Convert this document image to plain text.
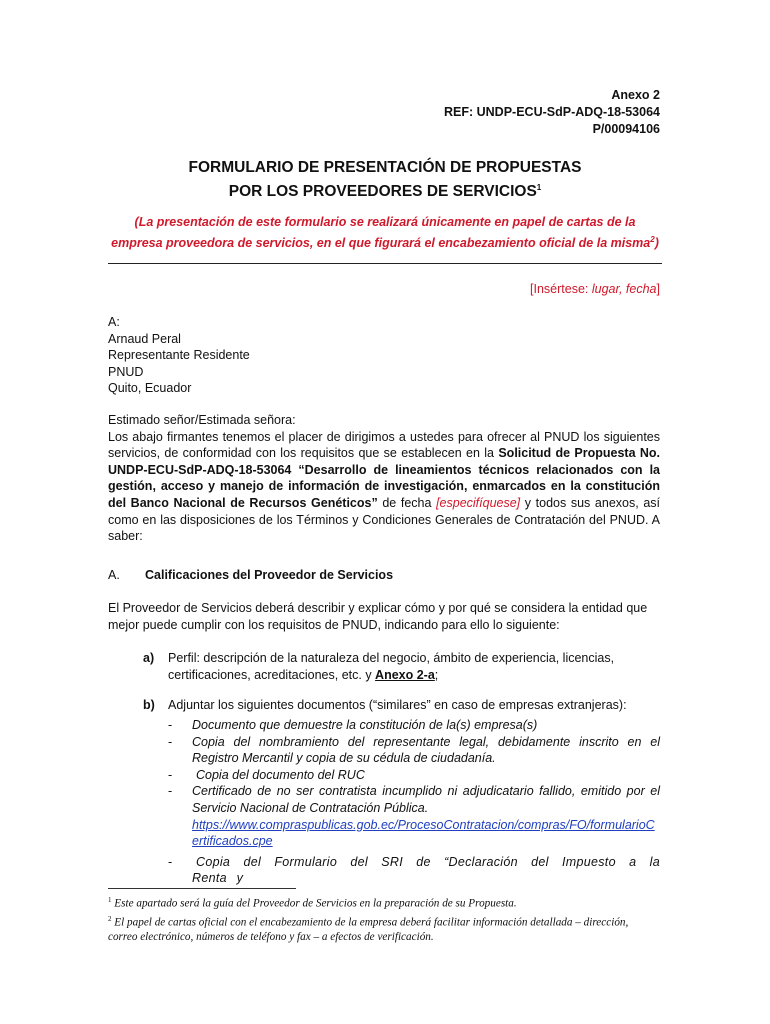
Anexo 2
REF: UNDP-ECU-SdP-ADQ-18-53064
P/00094106
FORMULARIO DE PRESENTACIÓN DE PROPUESTAS
POR LOS PROVEEDORES DE SERVICIOS$^1$
(La presentación de este formulario se realizará únicamente en papel de cartas de la
empresa proveedora de servicios, en el que figurará el encabezamiento oficial de la misma$^2$)
[Insértese: lugar, fecha]
A:
Arnaud Peral
Representante Residente
PNUD
Quito, Ecuador
Estimado señor/Estimada señora:
Los abajo firmantes tenemos el placer de dirigimos a ustedes para ofrecer al PNUD los siguientes servicios, de conformidad con los requisitos que se establecen en la Solicitud de Propuesta No. UNDP-ECU-SdP-ADQ-18-53064 “Desarrollo de lineamientos técnicos relacionados con la gestión, acceso y manejo de información de investigación, enmarcados en la constitución del Banco Nacional de Recursos Genéticos” de fecha [especifíquese] y todos sus anexos, así como en las disposiciones de los Términos y Condiciones Generales de Contratación del PNUD. A saber:
A. Calificaciones del Proveedor de Servicios
El Proveedor de Servicios deberá describir y explicar cómo y por qué se considera la entidad que mejor puede cumplir con los requisitos de PNUD, indicando para ello lo siguiente:
a) Perfil: descripción de la naturaleza del negocio, ámbito de experiencia, licencias, certificaciones, acreditaciones, etc. y Anexo 2-a;
b) Adjuntar los siguientes documentos (“similares” en caso de empresas extranjeras):
- Documento que demuestre la constitución de la(s) empresa(s)
- Copia del nombramiento del representante legal, debidamente inscrito en el Registro Mercantil y copia de su cédula de ciudadanía.
- Copia del documento del RUC
- Certificado de no ser contratista incumplido ni adjudicatario fallido, emitido por el Servicio Nacional de Contratación Pública.
https://www.compraspublicas.gob.ec/ProcesoContratacion/compras/FO/formularioCertificados.cpe
- Copia del Formulario del SRI de “Declaración del Impuesto a la Renta y
$^1$ Este apartado será la guía del Proveedor de Servicios en la preparación de su Propuesta.
$^2$ El papel de cartas oficial con el encabezamiento de la empresa deberá facilitar información detallada – dirección, correo electrónico, números de teléfono y fax – a efectos de verificación.
